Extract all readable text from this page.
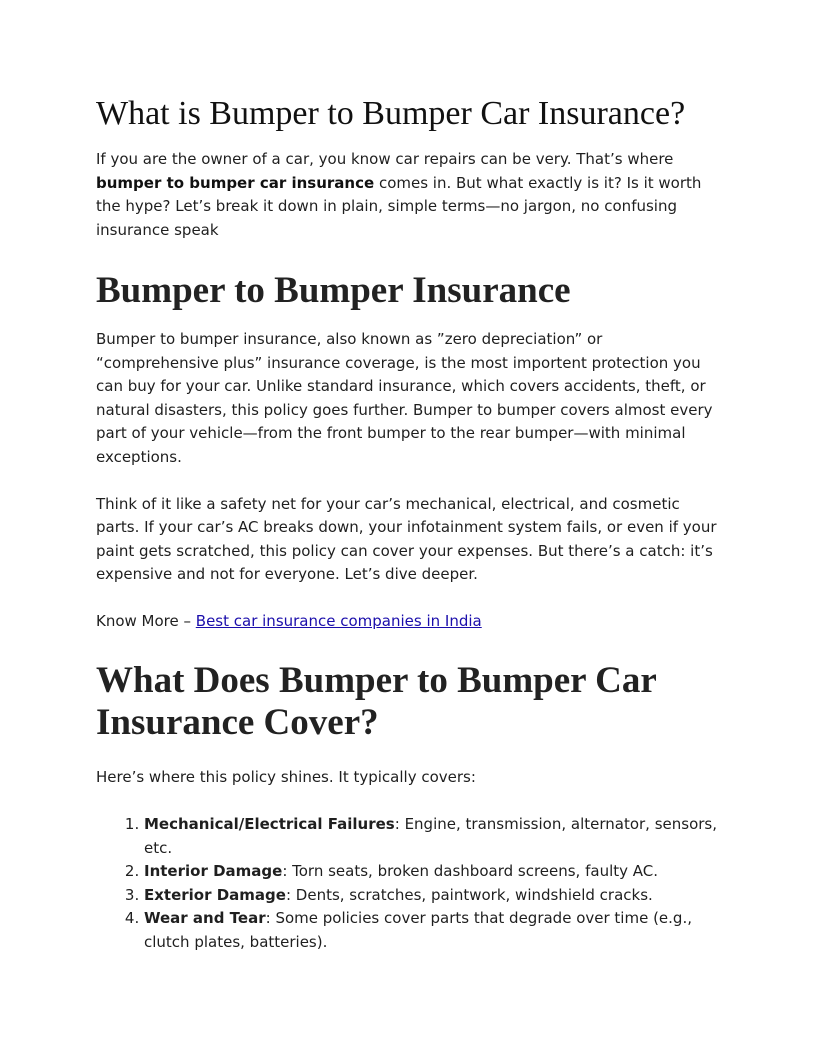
What is Bumper to Bumper Car Insurance?

If you are the owner of a car, you know car repairs can be very. That’s where bumper to bumper car insurance comes in. But what exactly is it? Is it worth the hype? Let’s break it down in plain, simple terms—no jargon, no confusing insurance speak

Bumper to Bumper Insurance

Bumper to bumper insurance, also known as ”zero depreciation” or “comprehensive plus” insurance coverage, is the most importent protection you can buy for your car. Unlike standard insurance, which covers accidents, theft, or natural disasters, this policy goes further. Bumper to bumper covers almost every part of your vehicle—from the front bumper to the rear bumper—with minimal exceptions.

Think of it like a safety net for your car’s mechanical, electrical, and cosmetic parts. If your car’s AC breaks down, your infotainment system fails, or even if your paint gets scratched, this policy can cover your expenses. But there’s a catch: it’s expensive and not for everyone. Let’s dive deeper.

Know More – Best car insurance companies in India

What Does Bumper to Bumper Car Insurance Cover?

Here’s where this policy shines. It typically covers:

1. Mechanical/Electrical Failures: Engine, transmission, alternator, sensors, etc.
2. Interior Damage: Torn seats, broken dashboard screens, faulty AC.
3. Exterior Damage: Dents, scratches, paintwork, windshield cracks.
4. Wear and Tear: Some policies cover parts that degrade over time (e.g., clutch plates, batteries).
